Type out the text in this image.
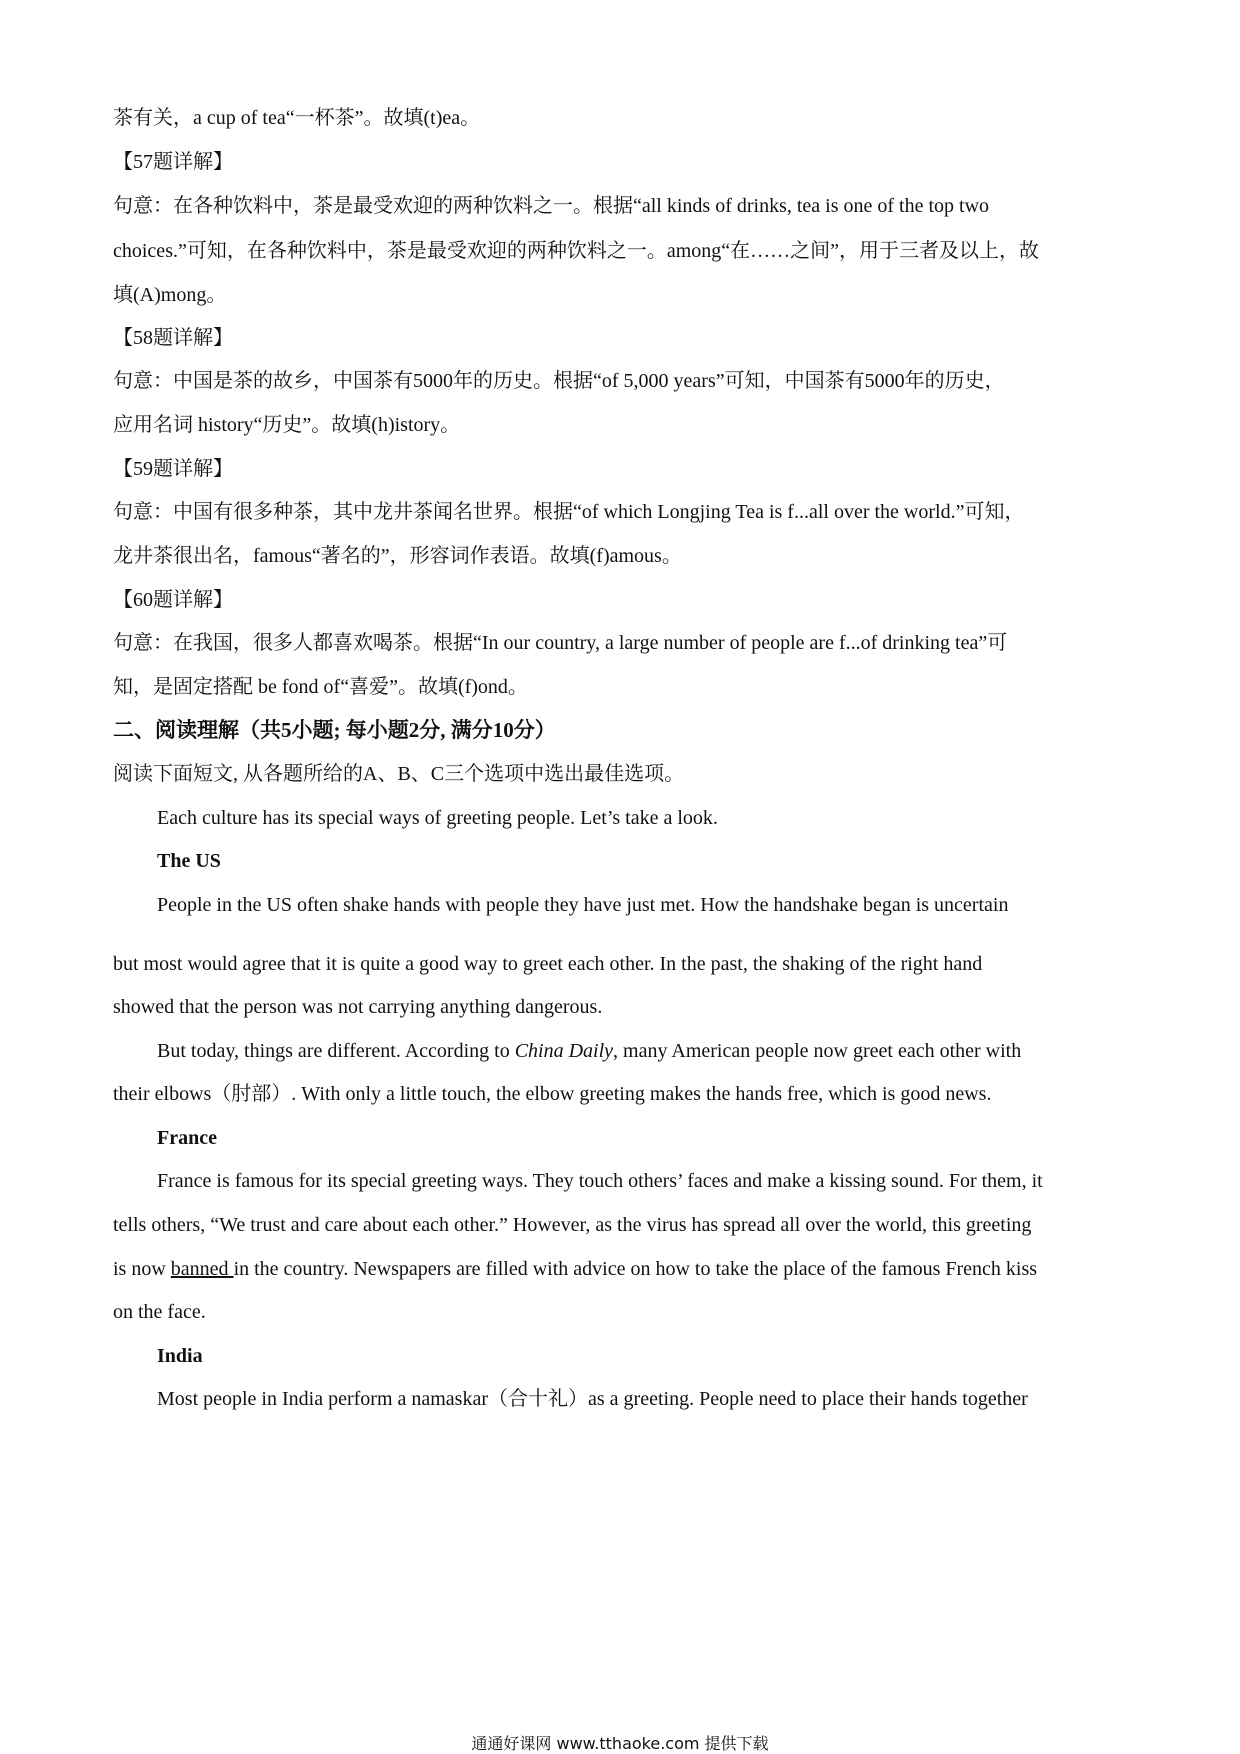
茶有关，a cup of tea“一杯茶”。故填(t)ea。
【57题详解】
句意：在各种饮料中，茶是最受欢迎的两种饮料之一。根据“all kinds of drinks, tea is one of the top two
choices.”可知，在各种饮料中，茶是最受欢迎的两种饮料之一。among“在……之间”，用于三者及以上，故
填(A)mong。
【58题详解】
句意：中国是茶的故乡，中国茶有5000年的历史。根据“of 5,000 years”可知，中国茶有5000年的历史，
应用名词 history“历史”。故填(h)istory。
【59题详解】
句意：中国有很多种茶，其中龙井茶闻名世界。根据“of which Longjing Tea is f...all over the world.”可知，
龙井茶很出名，famous“著名的”，形容词作表语。故填(f)amous。
【60题详解】
句意：在我国，很多人都喜欢喝茶。根据“In our country, a large number of people are f...of drinking tea”可
知，是固定搭配 be fond of“喜爱”。故填(f)ond。
二、阅读理解（共5小题; 每小题2分, 满分10分）
阅读下面短文, 从各题所给的A、B、C三个选项中选出最佳选项。
Each culture has its special ways of greeting people. Let’s take a look.
The US
People in the US often shake hands with people they have just met. How the handshake began is uncertain
but most would agree that it is quite a good way to greet each other. In the past, the shaking of the right hand
showed that the person was not carrying anything dangerous.
But today, things are different. According to China Daily, many American people now greet each other with
their elbows（肘部）. With only a little touch, the elbow greeting makes the hands free, which is good news.
France
France is famous for its special greeting ways. They touch others’ faces and make a kissing sound. For them, it
tells others, “We trust and care about each other.” However, as the virus has spread all over the world, this greeting
is now banned in the country. Newspapers are filled with advice on how to take the place of the famous French kiss
on the face.
India
Most people in India perform a namaskar（合十礼）as a greeting. People need to place their hands together
通通好课网 www.tthaoke.com 提供下载
